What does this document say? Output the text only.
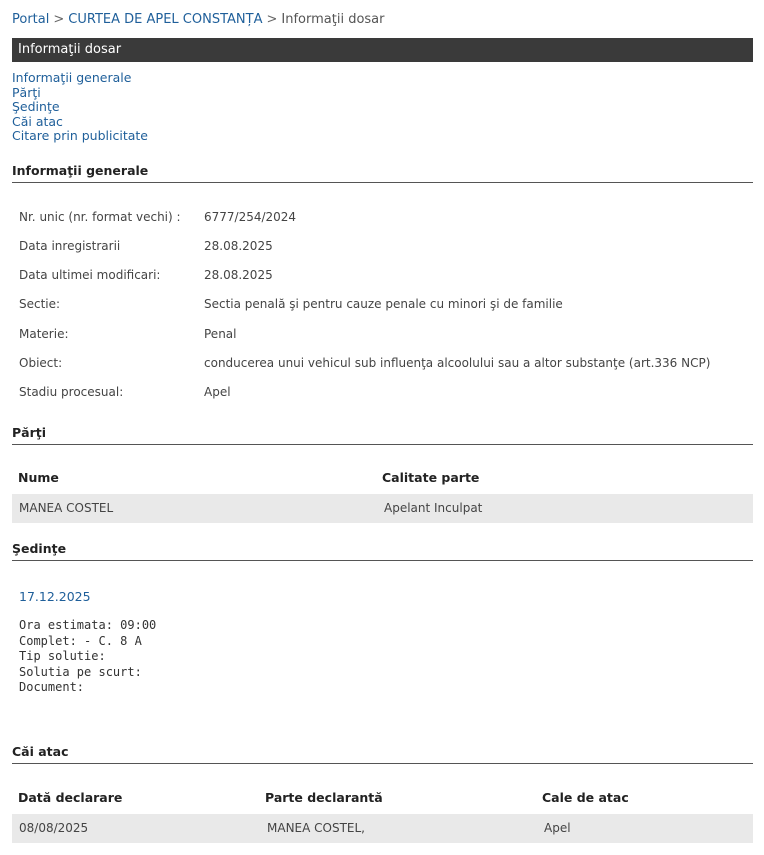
Portal > CURTEA DE APEL CONSTANȚA > Informaţii dosar
Informaţii dosar
Informaţii generale
Părţi
Şedinţe
Căi atac
Citare prin publicitate
Informaţii generale
Nr. unic (nr. format vechi) : 6777/254/2024
Data inregistrarii	28.08.2025
Data ultimei modificari:	28.08.2025
Sectie:	Sectia penală şi pentru cauze penale cu minori şi de familie
Materie:	Penal
Obiect:	conducerea unui vehicul sub influenţa alcoolului sau a altor substanţe (art.336 NCP)
Stadiu procesual:	Apel
Părţi
Nume	Calitate parte
MANEA COSTEL	Apelant Inculpat
Şedinţe
17.12.2025
Ora estimata: 09:00
Complet: - C. 8 A
Tip solutie:
Solutia pe scurt:
Document:
Căi atac
Dată declarare	Parte declarantă	Cale de atac
08/08/2025	MANEA COSTEL,	Apel
